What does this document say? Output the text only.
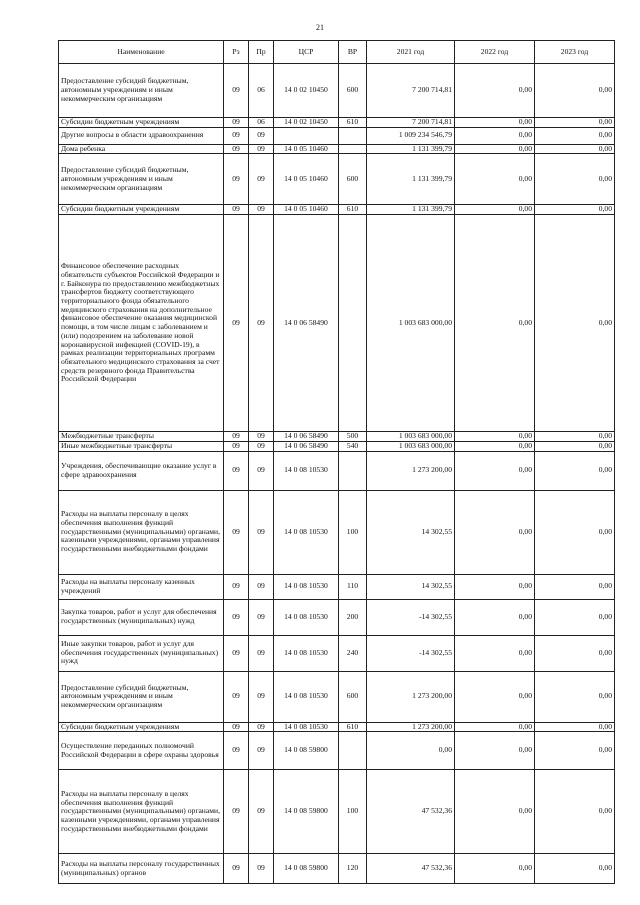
21
Наименование	Рз	Пр	ЦСР	ВР	2021 год	2022 год	2023 год
Предоставление субсидий бюджетным, автономным учреждениям и иным некоммерческим организациям	09	06	14 0 02 10450	600	7 200 714,81	0,00	0,00
Субсидии бюджетным учреждениям	09	06	14 0 02 10450	610	7 200 714,81	0,00	0,00
Другие вопросы в области здравоохранения	09	09			1 009 234 546,79	0,00	0,00
Дома ребенка	09	09	14 0 05 10460		1 131 399,79	0,00	0,00
Предоставление субсидий бюджетным, автономным учреждениям и иным некоммерческим организациям	09	09	14 0 05 10460	600	1 131 399,79	0,00	0,00
Субсидии бюджетным учреждениям	09	09	14 0 05 10460	610	1 131 399,79	0,00	0,00
Финансовое обеспечение расходных обязательств субъектов Российской Федерации и г. Байконура по предоставлению межбюджетных трансфертов бюджету соответствующего территориального фонда обязательного медицинского страхования на дополнительное финансовое обеспечение оказания медицинской помощи, в том числе лицам с заболеванием и (или) подозрением на заболевание новой коронавирусной инфекцией (COVID-19), в рамках реализации территориальных программ обязательного медицинского страхования за счет средств резервного фонда Правительства Российской Федерации	09	09	14 0 06 58490		1 003 683 000,00	0,00	0,00
Межбюджетные трансферты	09	09	14 0 06 58490	500	1 003 683 000,00	0,00	0,00
Иные межбюджетные трансферты	09	09	14 0 06 58490	540	1 003 683 000,00	0,00	0,00
Учреждения, обеспечивающие оказание услуг в сфере здравоохранения	09	09	14 0 08 10530		1 273 200,00	0,00	0,00
Расходы на выплаты персоналу в целях обеспечения выполнения функций государственными (муниципальными) органами, казенными учреждениями, органами управления государственными внебюджетными фондами	09	09	14 0 08 10530	100	14 302,55	0,00	0,00
Расходы на выплаты персоналу казенных учреждений	09	09	14 0 08 10530	110	14 302,55	0,00	0,00
Закупка товаров, работ и услуг для обеспечения государственных (муниципальных) нужд	09	09	14 0 08 10530	200	-14 302,55	0,00	0,00
Иные закупки товаров, работ и услуг для обеспечения государственных (муниципальных) нужд	09	09	14 0 08 10530	240	-14 302,55	0,00	0,00
Предоставление субсидий бюджетным, автономным учреждениям и иным некоммерческим организациям	09	09	14 0 08 10530	600	1 273 200,00	0,00	0,00
Субсидии бюджетным учреждениям	09	09	14 0 08 10530	610	1 273 200,00	0,00	0,00
Осуществление переданных полномочий Российской Федерации в сфере охраны здоровья	09	09	14 0 08 59800		0,00	0,00	0,00
Расходы на выплаты персоналу в целях обеспечения выполнения функций государственными (муниципальными) органами, казенными учреждениями, органами управления государственными внебюджетными фондами	09	09	14 0 08 59800	100	47 532,36	0,00	0,00
Расходы на выплаты персоналу государственных (муниципальных) органов	09	09	14 0 08 59800	120	47 532,36	0,00	0,00
